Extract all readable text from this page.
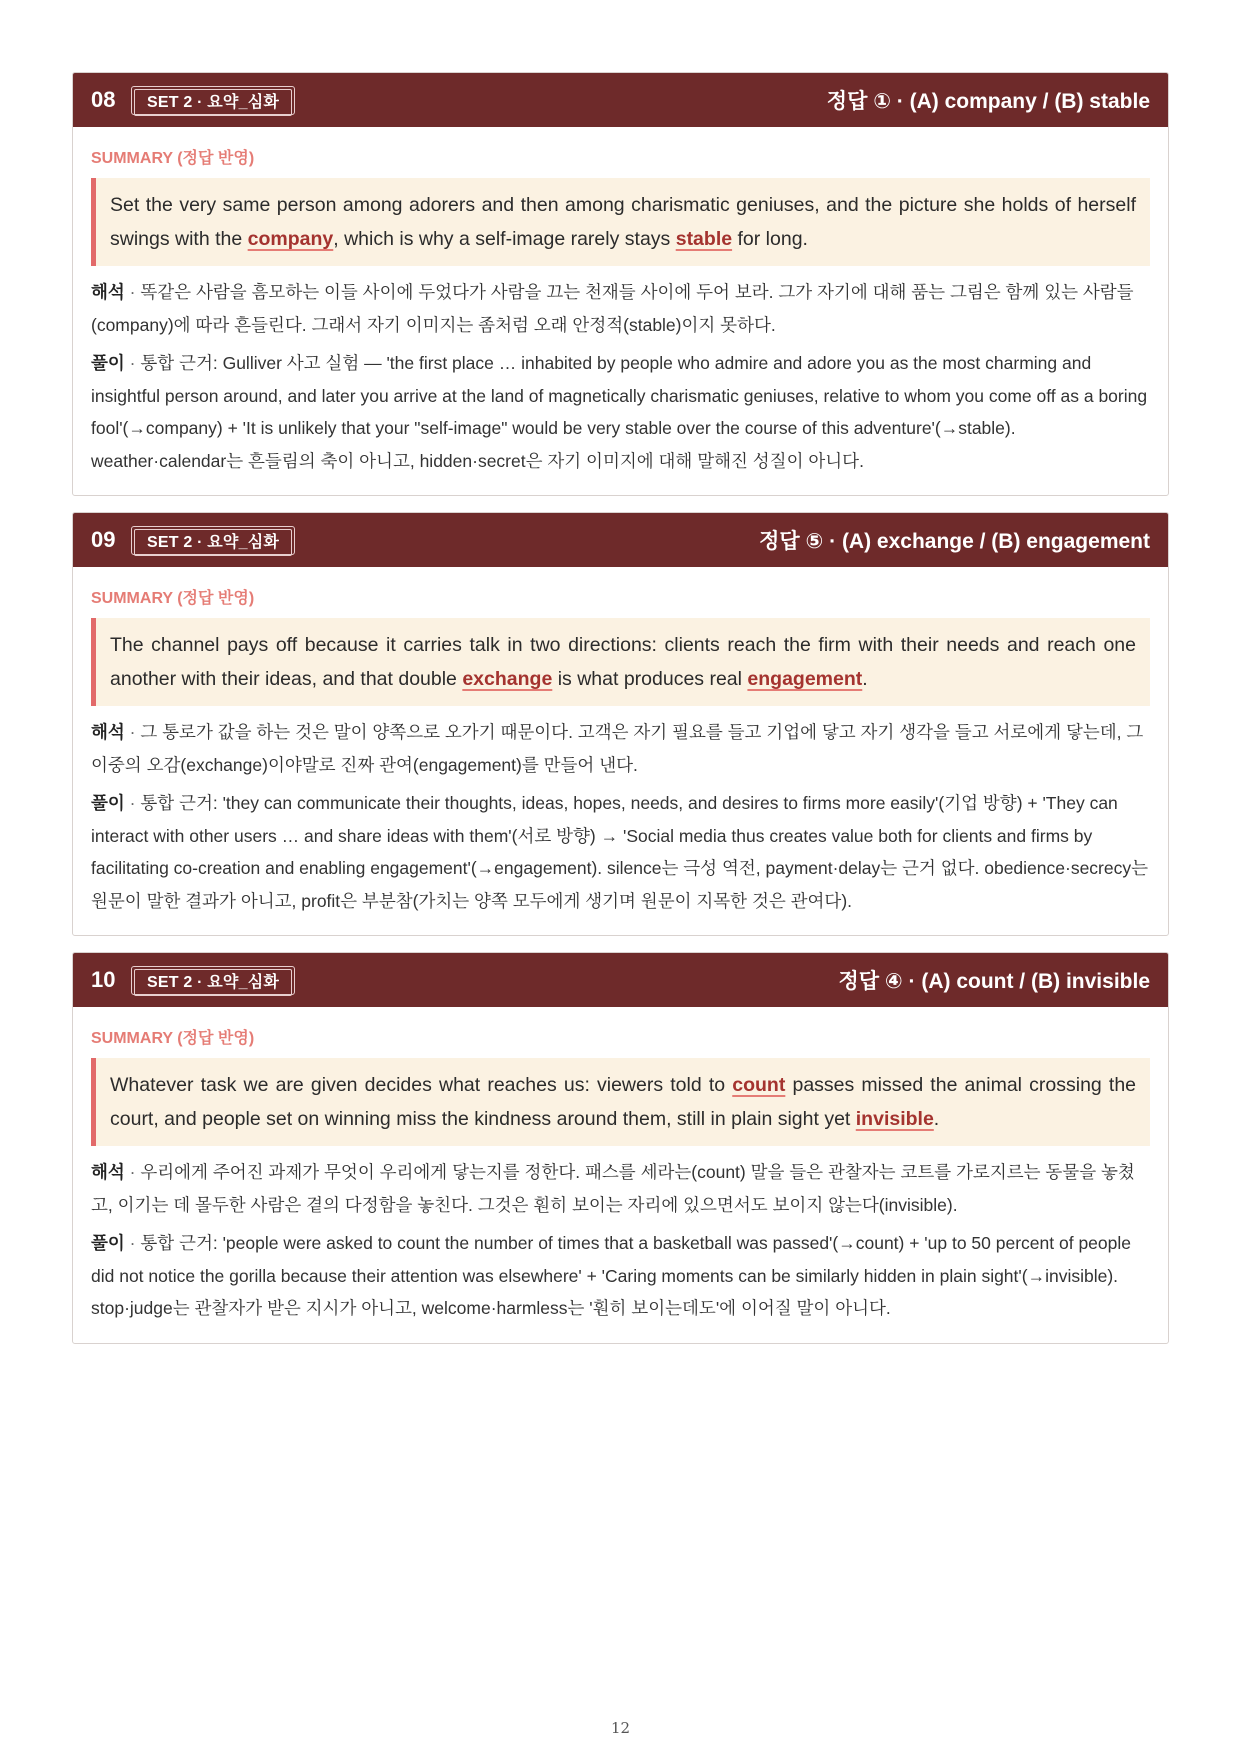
08	SET 2 · 요약_심화	정답 ① · (A) company / (B) stable
SUMMARY (정답 반영)
Set the very same person among adorers and then among charismatic geniuses, and the picture she holds of herself swings with the company, which is why a self-image rarely stays stable for long.

해석 · 똑같은 사람을 흠모하는 이들 사이에 두었다가 사람을 끄는 천재들 사이에 두어 보라. 그가 자기에 대해 품는 그림은 함께 있는 사람들(company)에 따라 흔들린다. 그래서 자기 이미지는 좀처럼 오래 안정적(stable)이지 못하다.

풀이 · 통합 근거: Gulliver 사고 실험 — 'the first place … inhabited by people who admire and adore you as the most charming and insightful person around, and later you arrive at the land of magnetically charismatic geniuses, relative to whom you come off as a boring fool'(→company) + 'It is unlikely that your "self-image" would be very stable over the course of this adventure'(→stable). weather·calendar는 흔들림의 축이 아니고, hidden·secret은 자기 이미지에 대해 말해진 성질이 아니다.

09	SET 2 · 요약_심화	정답 ⑤ · (A) exchange / (B) engagement
SUMMARY (정답 반영)
The channel pays off because it carries talk in two directions: clients reach the firm with their needs and reach one another with their ideas, and that double exchange is what produces real engagement.

해석 · 그 통로가 값을 하는 것은 말이 양쪽으로 오가기 때문이다. 고객은 자기 필요를 들고 기업에 닿고 자기 생각을 들고 서로에게 닿는데, 그 이중의 오감(exchange)이야말로 진짜 관여(engagement)를 만들어 낸다.

풀이 · 통합 근거: 'they can communicate their thoughts, ideas, hopes, needs, and desires to firms more easily'(기업 방향) + 'They can interact with other users … and share ideas with them'(서로 방향) → 'Social media thus creates value both for clients and firms by facilitating co-creation and enabling engagement'(→engagement). silence는 극성 역전, payment·delay는 근거 없다. obedience·secrecy는 원문이 말한 결과가 아니고, profit은 부분참(가치는 양쪽 모두에게 생기며 원문이 지목한 것은 관여다).

10	SET 2 · 요약_심화	정답 ④ · (A) count / (B) invisible
SUMMARY (정답 반영)
Whatever task we are given decides what reaches us: viewers told to count passes missed the animal crossing the court, and people set on winning miss the kindness around them, still in plain sight yet invisible.

해석 · 우리에게 주어진 과제가 무엇이 우리에게 닿는지를 정한다. 패스를 세라는(count) 말을 들은 관찰자는 코트를 가로지르는 동물을 놓쳤고, 이기는 데 몰두한 사람은 곁의 다정함을 놓친다. 그것은 훤히 보이는 자리에 있으면서도 보이지 않는다(invisible).

풀이 · 통합 근거: 'people were asked to count the number of times that a basketball was passed'(→count) + 'up to 50 percent of people did not notice the gorilla because their attention was elsewhere' + 'Caring moments can be similarly hidden in plain sight'(→invisible). stop·judge는 관찰자가 받은 지시가 아니고, welcome·harmless는 '훤히 보이는데도'에 이어질 말이 아니다.

12
